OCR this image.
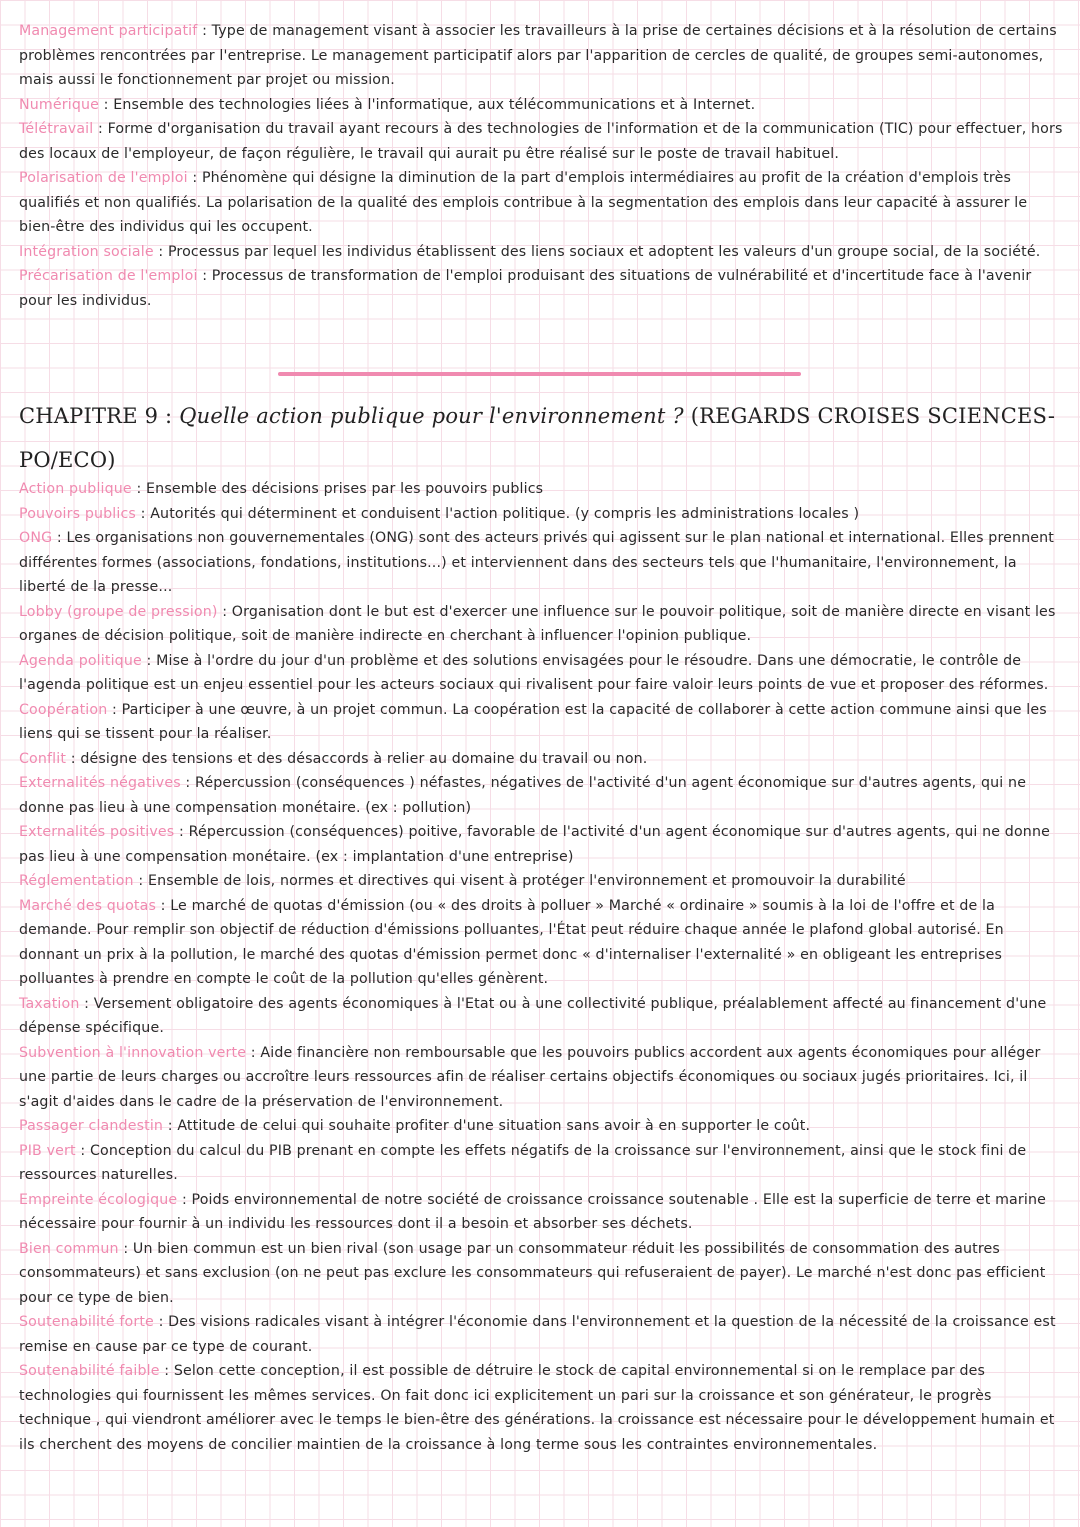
Management participatif : Type de management visant à associer les travailleurs à la prise de certaines décisions et à la résolution de certains problèmes rencontrées par l'entreprise. Le management participatif alors par l'apparition de cercles de qualité, de groupes semi-autonomes, mais aussi le fonctionnement par projet ou mission.

Numérique : Ensemble des technologies liées à l'informatique, aux télécommunications et à Internet.

Télétravail : Forme d'organisation du travail ayant recours à des technologies de l'information et de la communication (TIC) pour effectuer, hors des locaux de l'employeur, de façon régulière, le travail qui aurait pu être réalisé sur le poste de travail habituel.

Polarisation de l'emploi : Phénomène qui désigne la diminution de la part d'emplois intermédiaires au profit de la création d'emplois très qualifiés et non qualifiés. La polarisation de la qualité des emplois contribue à la segmentation des emplois dans leur capacité à assurer le bien-être des individus qui les occupent.

Intégration sociale : Processus par lequel les individus établissent des liens sociaux et adoptent les valeurs d'un groupe social, de la société.

Précarisation de l'emploi : Processus de transformation de l'emploi produisant des situations de vulnérabilité et d'incertitude face à l'avenir pour les individus.

CHAPITRE 9 : Quelle action publique pour l'environnement ? (REGARDS CROISES SCIENCES-PO/ECO)

Action publique : Ensemble des décisions prises par les pouvoirs publics

Pouvoirs publics : Autorités qui déterminent et conduisent l'action politique. (y compris les administrations locales )

ONG : Les organisations non gouvernementales (ONG) sont des acteurs privés qui agissent sur le plan national et international. Elles prennent différentes formes (associations, fondations, institutions...) et interviennent dans des secteurs tels que l'humanitaire, l'environnement, la liberté de la presse...

Lobby (groupe de pression) : Organisation dont le but est d'exercer une influence sur le pouvoir politique, soit de manière directe en visant les organes de décision politique, soit de manière indirecte en cherchant à influencer l'opinion publique.

Agenda politique : Mise à l'ordre du jour d'un problème et des solutions envisagées pour le résoudre. Dans une démocratie, le contrôle de l'agenda politique est un enjeu essentiel pour les acteurs sociaux qui rivalisent pour faire valoir leurs points de vue et proposer des réformes.

Coopération : Participer à une œuvre, à un projet commun. La coopération est la capacité de collaborer à cette action commune ainsi que les liens qui se tissent pour la réaliser.

Conflit : désigne des tensions et des désaccords à relier au domaine du travail ou non.

Externalités négatives : Répercussion (conséquences ) néfastes, négatives de l'activité d'un agent économique sur d'autres agents, qui ne donne pas lieu à une compensation monétaire. (ex : pollution)

Externalités positives : Répercussion (conséquences) poitive, favorable de l'activité d'un agent économique sur d'autres agents, qui ne donne pas lieu à une compensation monétaire. (ex : implantation d'une entreprise)

Réglementation : Ensemble de lois, normes et directives qui visent à protéger l'environnement et promouvoir la durabilité

Marché des quotas : Le marché de quotas d'émission (ou « des droits à polluer » Marché « ordinaire » soumis à la loi de l'offre et de la demande. Pour remplir son objectif de réduction d'émissions polluantes, l'État peut réduire chaque année le plafond global autorisé. En donnant un prix à la pollution, le marché des quotas d'émission permet donc « d'internaliser l'externalité » en obligeant les entreprises polluantes à prendre en compte le coût de la pollution qu'elles génèrent.

Taxation : Versement obligatoire des agents économiques à l'Etat ou à une collectivité publique, préalablement affecté au financement d'une dépense spécifique.

Subvention à l'innovation verte : Aide financière non remboursable que les pouvoirs publics accordent aux agents économiques pour alléger une partie de leurs charges ou accroître leurs ressources afin de réaliser certains objectifs économiques ou sociaux jugés prioritaires. Ici, il s'agit d'aides dans le cadre de la préservation de l'environnement.

Passager clandestin : Attitude de celui qui souhaite profiter d'une situation sans avoir à en supporter le coût.

PIB vert : Conception du calcul du PIB prenant en compte les effets négatifs de la croissance sur l'environnement, ainsi que le stock fini de ressources naturelles.

Empreinte écologique : Poids environnemental de notre société de croissance croissance soutenable . Elle est la superficie de terre et marine nécessaire pour fournir à un individu les ressources dont il a besoin et absorber ses déchets.

Bien commun : Un bien commun est un bien rival (son usage par un consommateur réduit les possibilités de consommation des autres consommateurs) et sans exclusion (on ne peut pas exclure les consommateurs qui refuseraient de payer). Le marché n'est donc pas efficient pour ce type de bien.

Soutenabilité forte : Des visions radicales visant à intégrer l'économie dans l'environnement et la question de la nécessité de la croissance est remise en cause par ce type de courant.

Soutenabilité faible : Selon cette conception, il est possible de détruire le stock de capital environnemental si on le remplace par des technologies qui fournissent les mêmes services. On fait donc ici explicitement un pari sur la croissance et son générateur, le progrès technique , qui viendront améliorer avec le temps le bien-être des générations. la croissance est nécessaire pour le développement humain et ils cherchent des moyens de concilier maintien de la croissance à long terme sous les contraintes environnementales.
